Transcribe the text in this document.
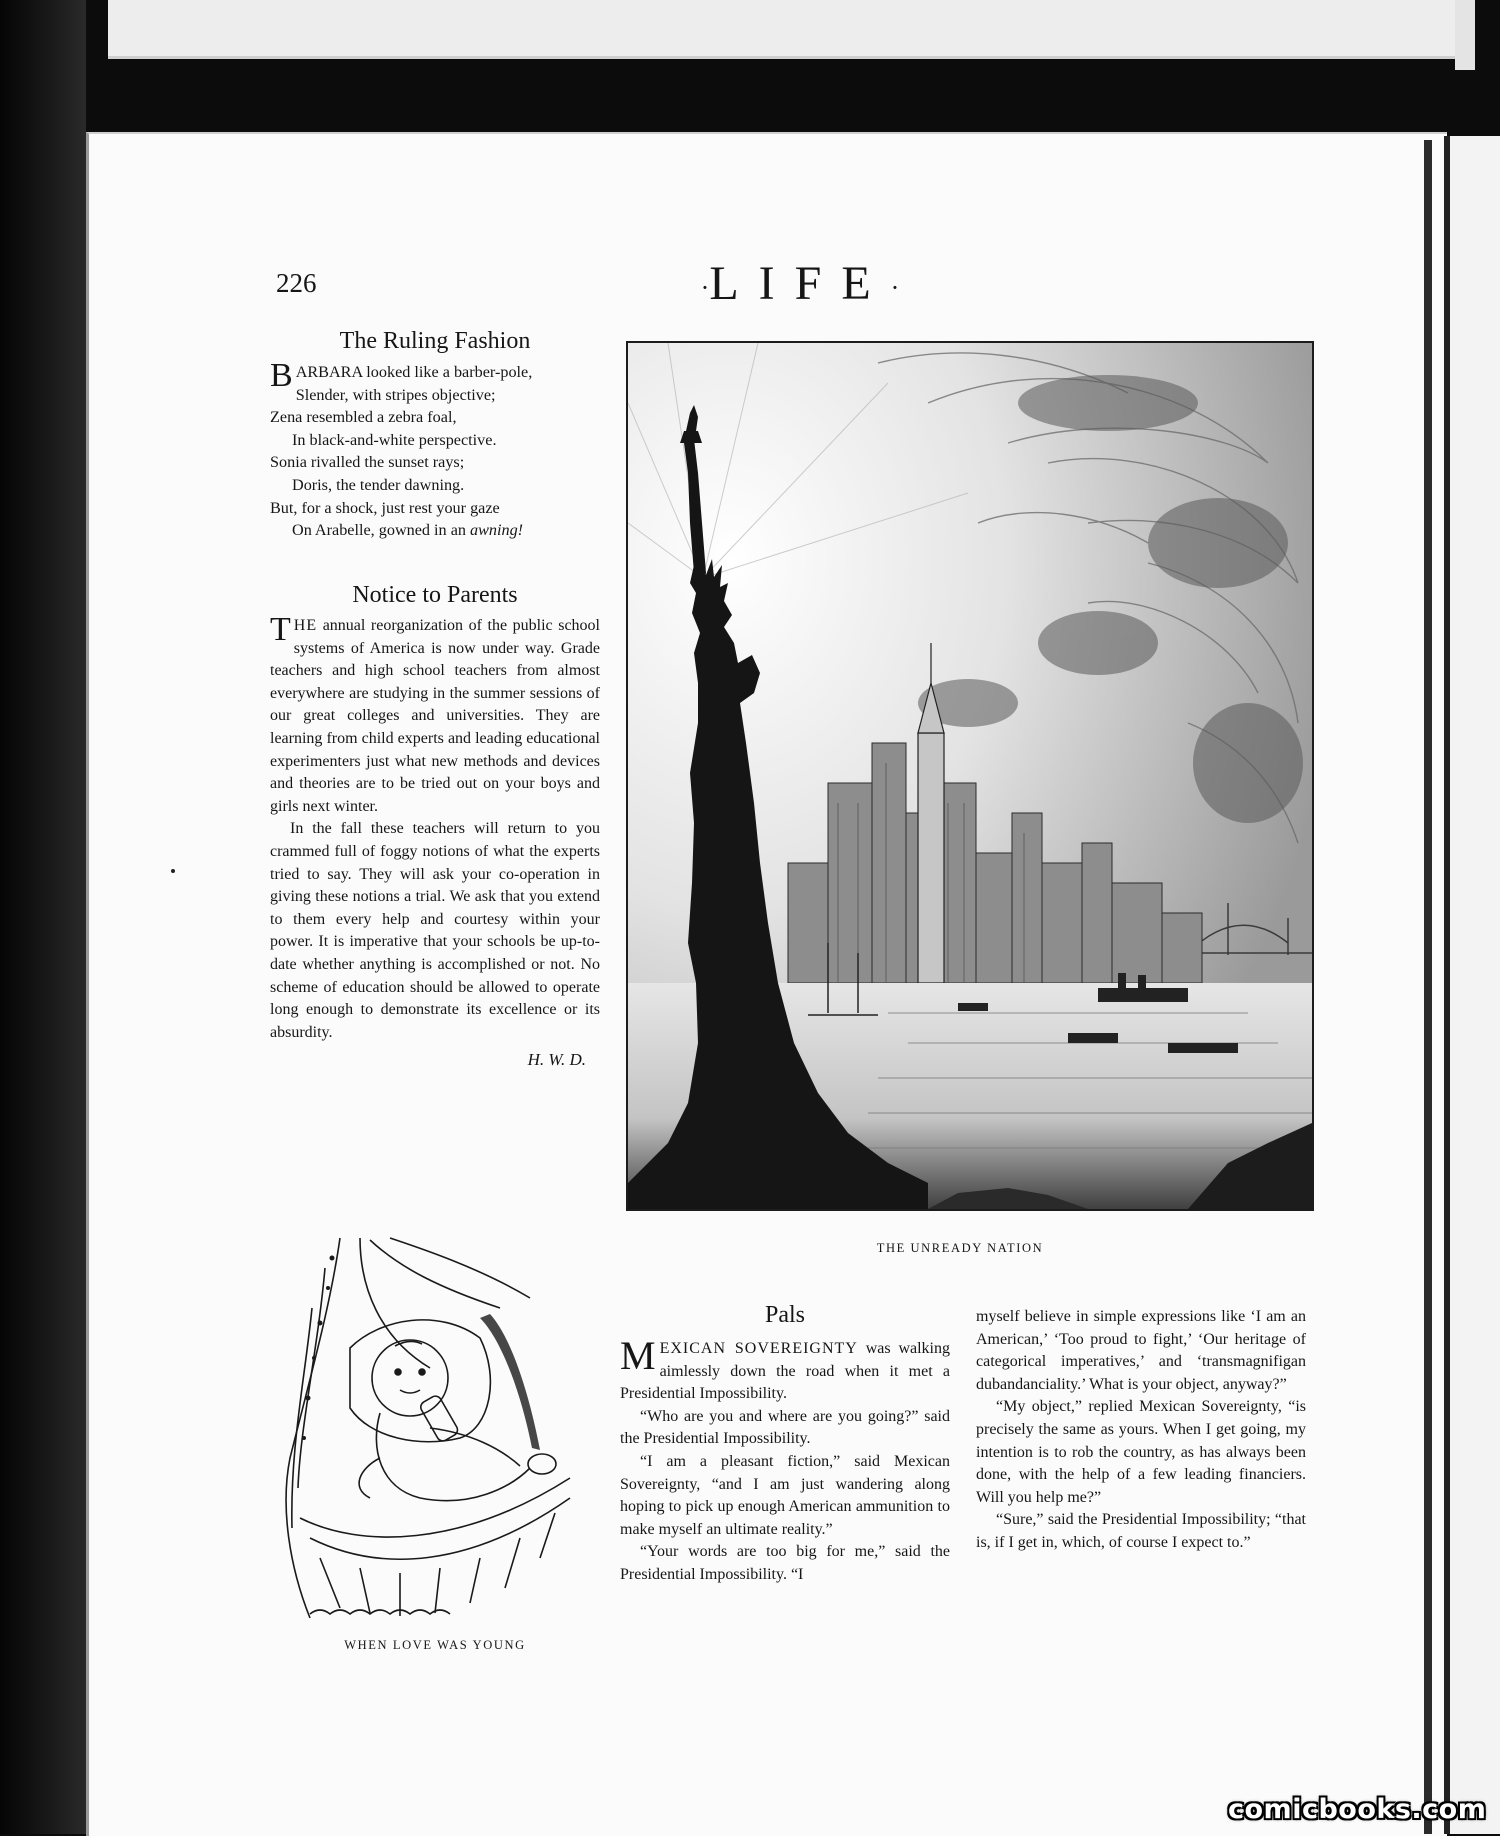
226	·LIFE·
The Ruling Fashion
B ARBARA looked like a barber-pole,
Slender, with stripes objective;
Zena resembled a zebra foal,
In black-and-white perspective.
Sonia rivalled the sunset rays;
Doris, the tender dawning.
But, for a shock, just rest your gaze
On Arabelle, gowned in an awning!
Notice to Parents

THE annual reorganization of the public school systems of America is now under way. Grade teachers and high school teachers from almost everywhere are studying in the summer sessions of our great colleges and universities. They are learning from child experts and leading educational experimenters just what new methods and devices and theories are to be tried out on your boys and girls next winter.

In the fall these teachers will return to you crammed full of foggy notions of what the experts tried to say. They will ask your co-operation in giving these notions a trial. We ask that you extend to them every help and courtesy within your power. It is imperative that your schools be up-to-date whether anything is accomplished or not. No scheme of education should be allowed to operate long enough to demonstrate its excellence or its absurdity.

H. W. D.

THE UNREADY NATION

WHEN LOVE WAS YOUNG

Pals

MEXICAN SOVEREIGNTY was walking aimlessly down the road when it met a Presidential Impossibility.

“Who are you and where are you going?” said the Presidential Impossibility.

“I am a pleasant fiction,” said Mexican Sovereignty, “and I am just wandering along hoping to pick up enough American ammunition to make myself an ultimate reality.”

“Your words are too big for me,” said the Presidential Impossibility. “I

myself believe in simple expressions like ‘I am an American,’ ‘Too proud to fight,’ ‘Our heritage of categorical imperatives,’ and ‘transmagnifigan dubandanciality.’ What is your object, anyway?”

“My object,” replied Mexican Sovereignty, “is precisely the same as yours. When I get going, my intention is to rob the country, as has always been done, with the help of a few leading financiers. Will you help me?”

“Sure,” said the Presidential Impossibility; “that is, if I get in, which, of course I expect to.”

comicbooks.com
